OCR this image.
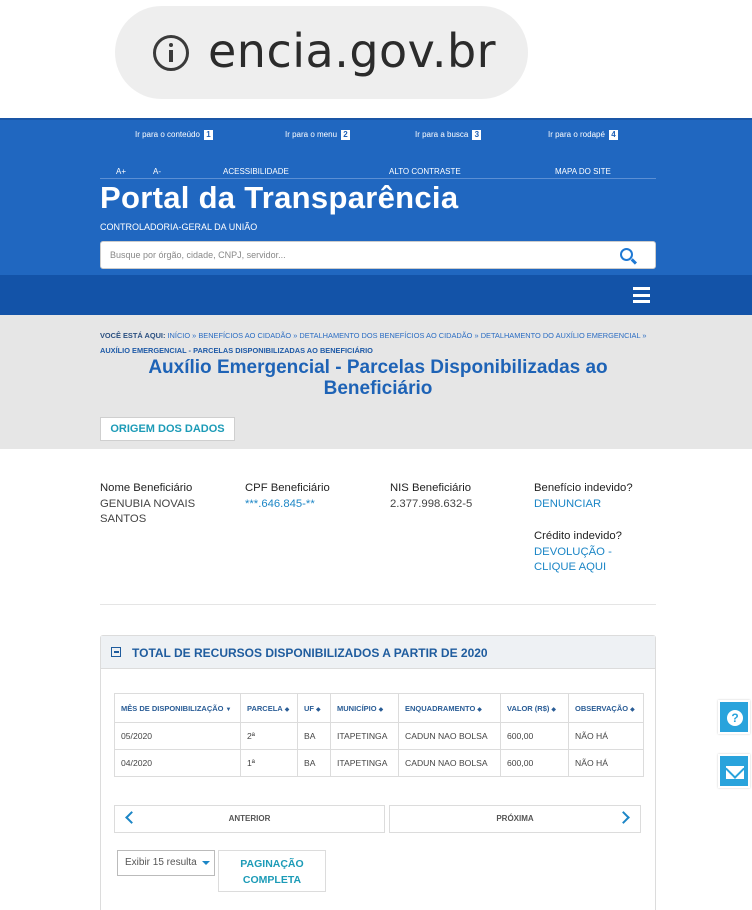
encia.gov.br
Ir para o conteúdo 1	Ir para o menu 2	Ir para a busca 3	Ir para o rodapé 4
A+	A-	ACESSIBILIDADE	ALTO CONTRASTE	MAPA DO SITE
Portal da Transparência
CONTROLADORIA-GERAL DA UNIÃO
Busque por órgão, cidade, CNPJ, servidor...
VOCÊ ESTÁ AQUI: INÍCIO » BENEFÍCIOS AO CIDADÃO » DETALHAMENTO DOS BENEFÍCIOS AO CIDADÃO » DETALHAMENTO DO AUXÍLIO EMERGENCIAL »
AUXÍLIO EMERGENCIAL - PARCELAS DISPONIBILIZADAS AO BENEFICIÁRIO
Auxílio Emergencial - Parcelas Disponibilizadas ao Beneficiário
ORIGEM DOS DADOS
Nome Beneficiário
GENUBIA NOVAIS SANTOS
CPF Beneficiário
***.646.845-**
NIS Beneficiário
2.377.998.632-5
Benefício indevido?
DENUNCIAR
Crédito indevido?
DEVOLUÇÃO - CLIQUE AQUI
TOTAL DE RECURSOS DISPONIBILIZADOS A PARTIR DE 2020
MÊS DE DISPONIBILIZAÇÃO ▼	PARCELA ◆	UF ◆	MUNICÍPIO ◆	ENQUADRAMENTO ◆	VALOR (R$) ◆	OBSERVAÇÃO ◆
05/2020	2ª	BA	ITAPETINGA	CADUN NAO BOLSA	600,00	NÃO HÁ
04/2020	1ª	BA	ITAPETINGA	CADUN NAO BOLSA	600,00	NÃO HÁ
ANTERIOR	PRÓXIMA
Exibir 15 resulta	PAGINAÇÃO COMPLETA
?
